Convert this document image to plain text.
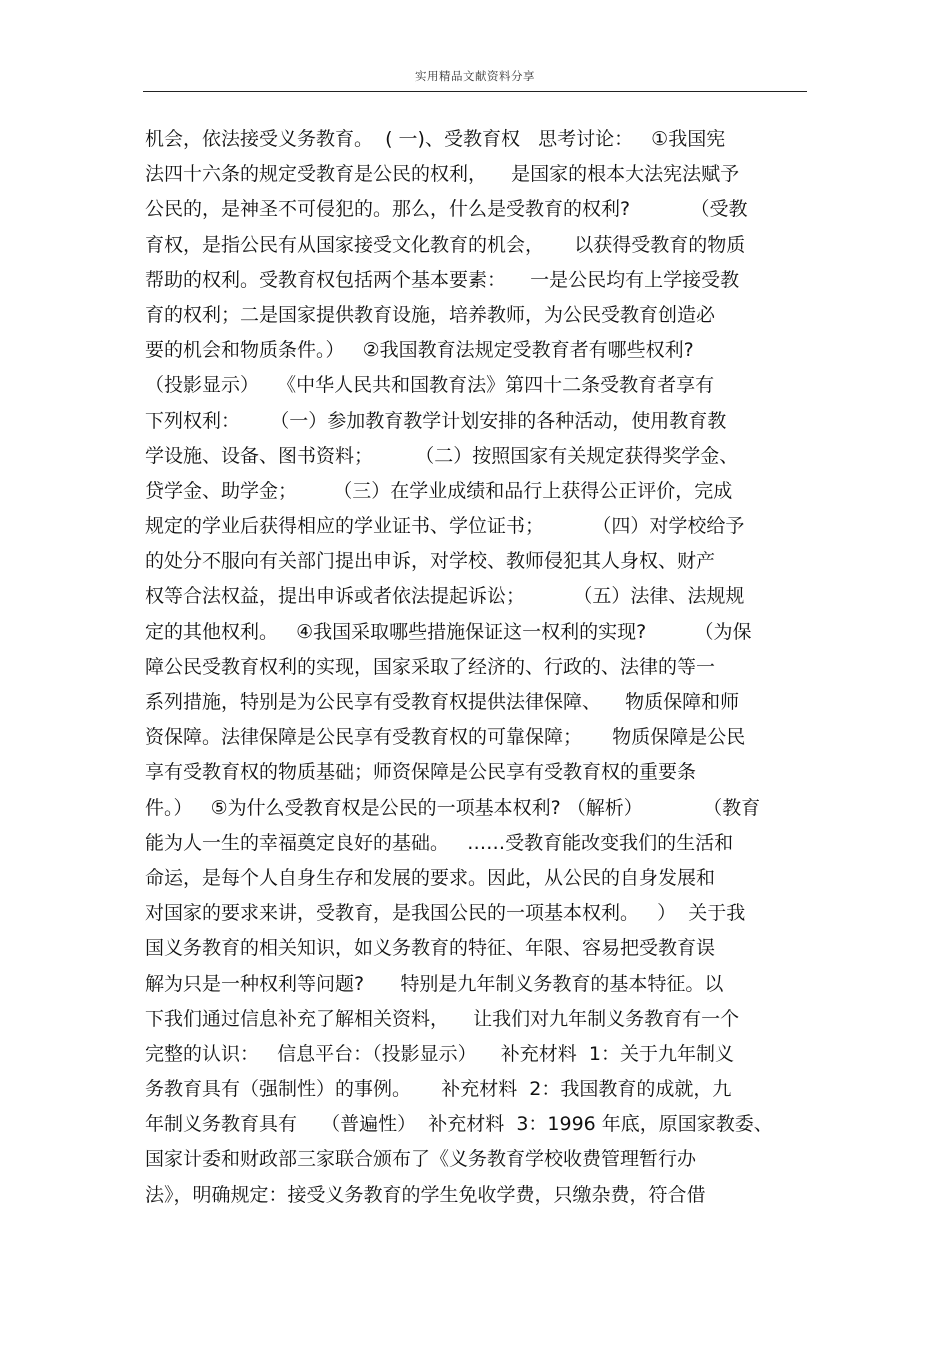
实用精品文献资料分享
机会，依法接受义务教育。  ( 一)、受教育权   思考讨论：   ①我国宪
法四十六条的规定受教育是公民的权利，    是国家的根本大法宪法赋予
公民的，是神圣不可侵犯的。那么，什么是受教育的权利?          （受教
育权，是指公民有从国家接受文化教育的机会，     以获得受教育的物质
帮助的权利。受教育权包括两个基本要素：    一是公民均有上学接受教
育的权利；二是国家提供教育设施，培养教师，为公民受教育创造必
要的机会和物质条件。）   ②我国教育法规定受教育者有哪些权利?
（投影显示）   《中华人民共和国教育法》第四十二条受教育者享有
下列权利：     （一）参加教育教学计划安排的各种活动，使用教育教
学设施、设备、图书资料；       （二）按照国家有关规定获得奖学金、
贷学金、助学金；      （三）在学业成绩和品行上获得公正评价，完成
规定的学业后获得相应的学业证书、学位证书；        （四）对学校给予
的处分不服向有关部门提出申诉，对学校、教师侵犯其人身权、财产
权等合法权益，提出申诉或者依法提起诉讼；        （五）法律、法规规
定的其他权利。   ④我国采取哪些措施保证这一权利的实现?        （为保
障公民受教育权利的实现，国家采取了经济的、行政的、法律的等一
系列措施，特别是为公民享有受教育权提供法律保障、    物质保障和师
资保障。法律保障是公民享有受教育权的可靠保障；     物质保障是公民
享有受教育权的物质基础；师资保障是公民享有受教育权的重要条
件。）   ⑤为什么受教育权是公民的一项基本权利? （解析）          （教育
能为人一生的幸福奠定良好的基础。   ……受教育能改变我们的生活和
命运，是每个人自身生存和发展的要求。因此，从公民的自身发展和
对国家的要求来讲，受教育，是我国公民的一项基本权利。   ）  关于我
国义务教育的相关知识，如义务教育的特征、年限、容易把受教育误
解为只是一种权利等问题?      特别是九年制义务教育的基本特征。以
下我们通过信息补充了解相关资料，    让我们对九年制义务教育有一个
完整的认识：   信息平台：（投影显示）    补充材料  1：关于九年制义
务教育具有（强制性）的事例。     补充材料  2：我国教育的成就，九
年制义务教育具有    （普遍性）  补充材料  3：1996 年底，原国家教委、
国家计委和财政部三家联合颁布了《义务教育学校收费管理暂行办
法》，明确规定：接受义务教育的学生免收学费，只缴杂费，符合借
